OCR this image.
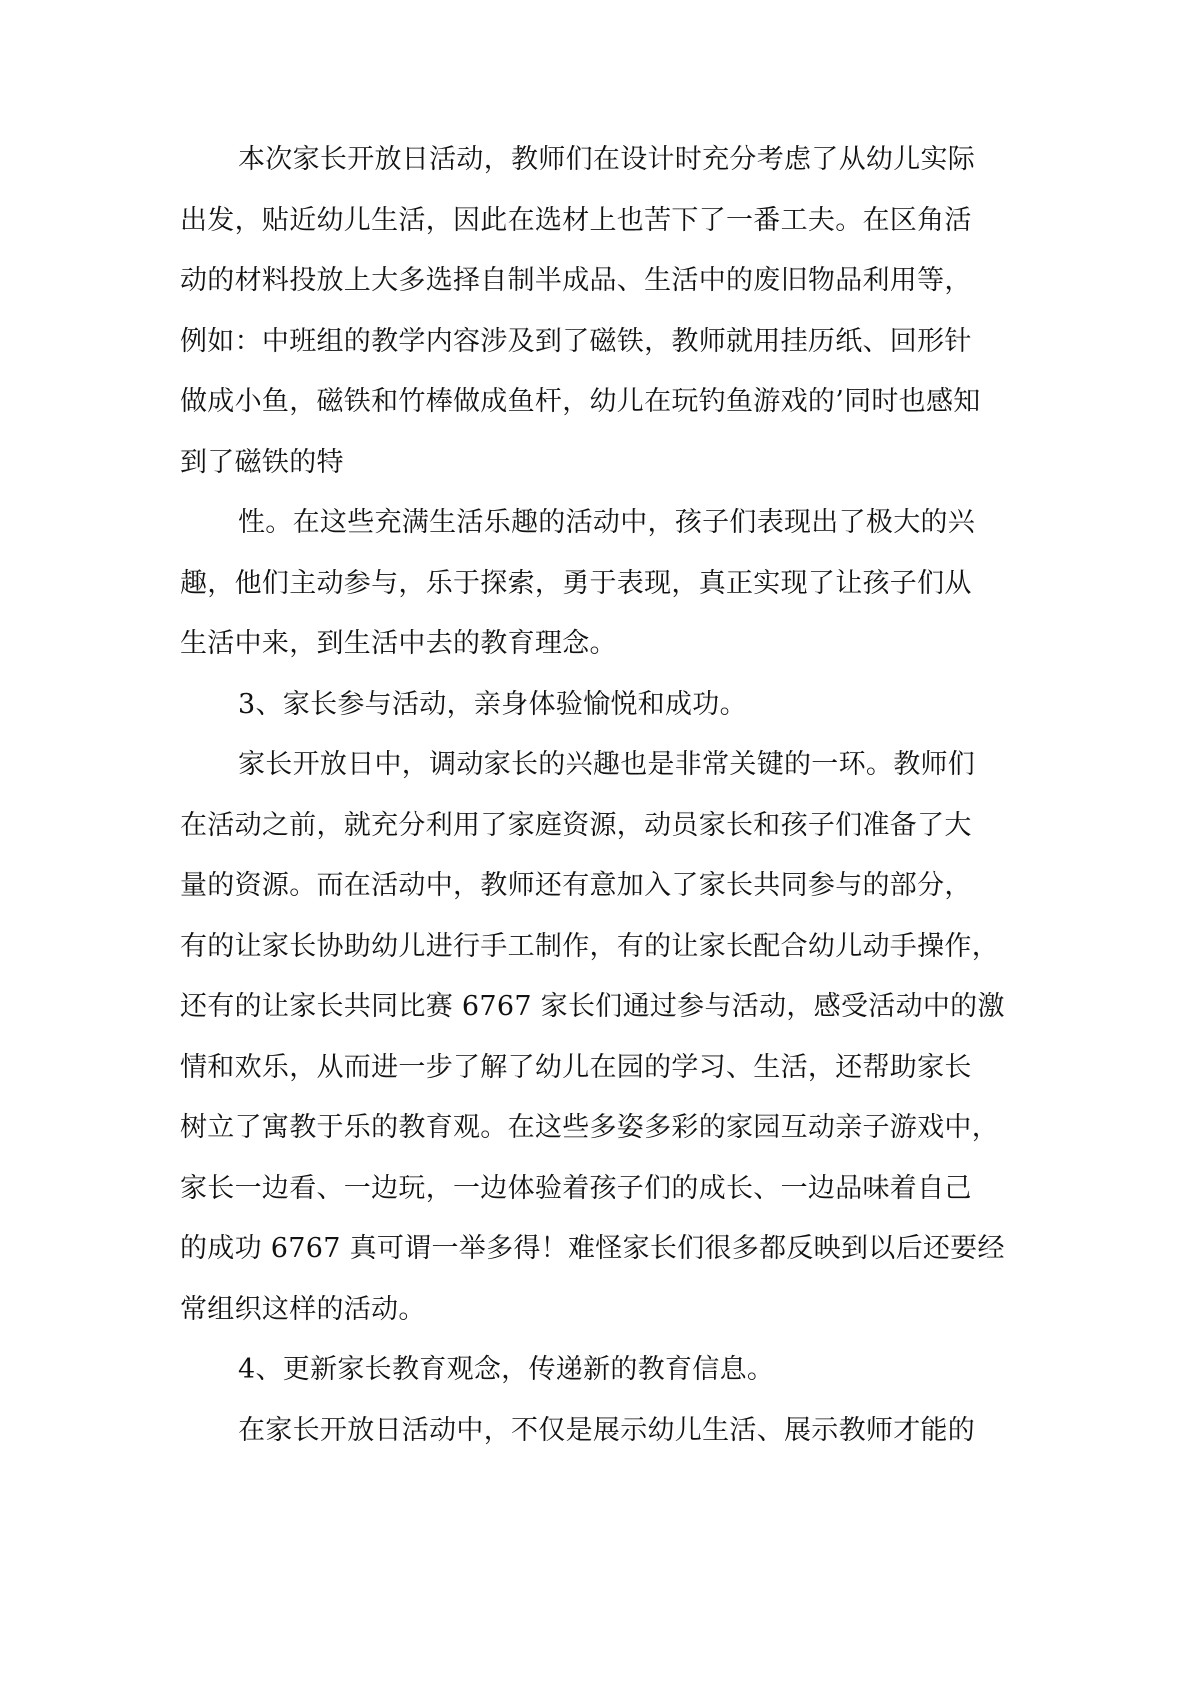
本次家长开放日活动，教师们在设计时充分考虑了从幼儿实际
出发，贴近幼儿生活，因此在选材上也苦下了一番工夫。在区角活
动的材料投放上大多选择自制半成品、生活中的废旧物品利用等，
例如：中班组的教学内容涉及到了磁铁，教师就用挂历纸、回形针
做成小鱼，磁铁和竹棒做成鱼杆，幼儿在玩钓鱼游戏的’同时也感知
到了磁铁的特
性。在这些充满生活乐趣的活动中，孩子们表现出了极大的兴
趣，他们主动参与，乐于探索，勇于表现，真正实现了让孩子们从
生活中来，到生活中去的教育理念。
3、家长参与活动，亲身体验愉悦和成功。
家长开放日中，调动家长的兴趣也是非常关键的一环。教师们
在活动之前，就充分利用了家庭资源，动员家长和孩子们准备了大
量的资源。而在活动中，教师还有意加入了家长共同参与的部分，
有的让家长协助幼儿进行手工制作，有的让家长配合幼儿动手操作，
还有的让家长共同比赛 6767 家长们通过参与活动，感受活动中的激
情和欢乐，从而进一步了解了幼儿在园的学习、生活，还帮助家长
树立了寓教于乐的教育观。在这些多姿多彩的家园互动亲子游戏中，
家长一边看、一边玩，一边体验着孩子们的成长、一边品味着自己
的成功 6767 真可谓一举多得！难怪家长们很多都反映到以后还要经
常组织这样的活动。
4、更新家长教育观念，传递新的教育信息。
在家长开放日活动中，不仅是展示幼儿生活、展示教师才能的
